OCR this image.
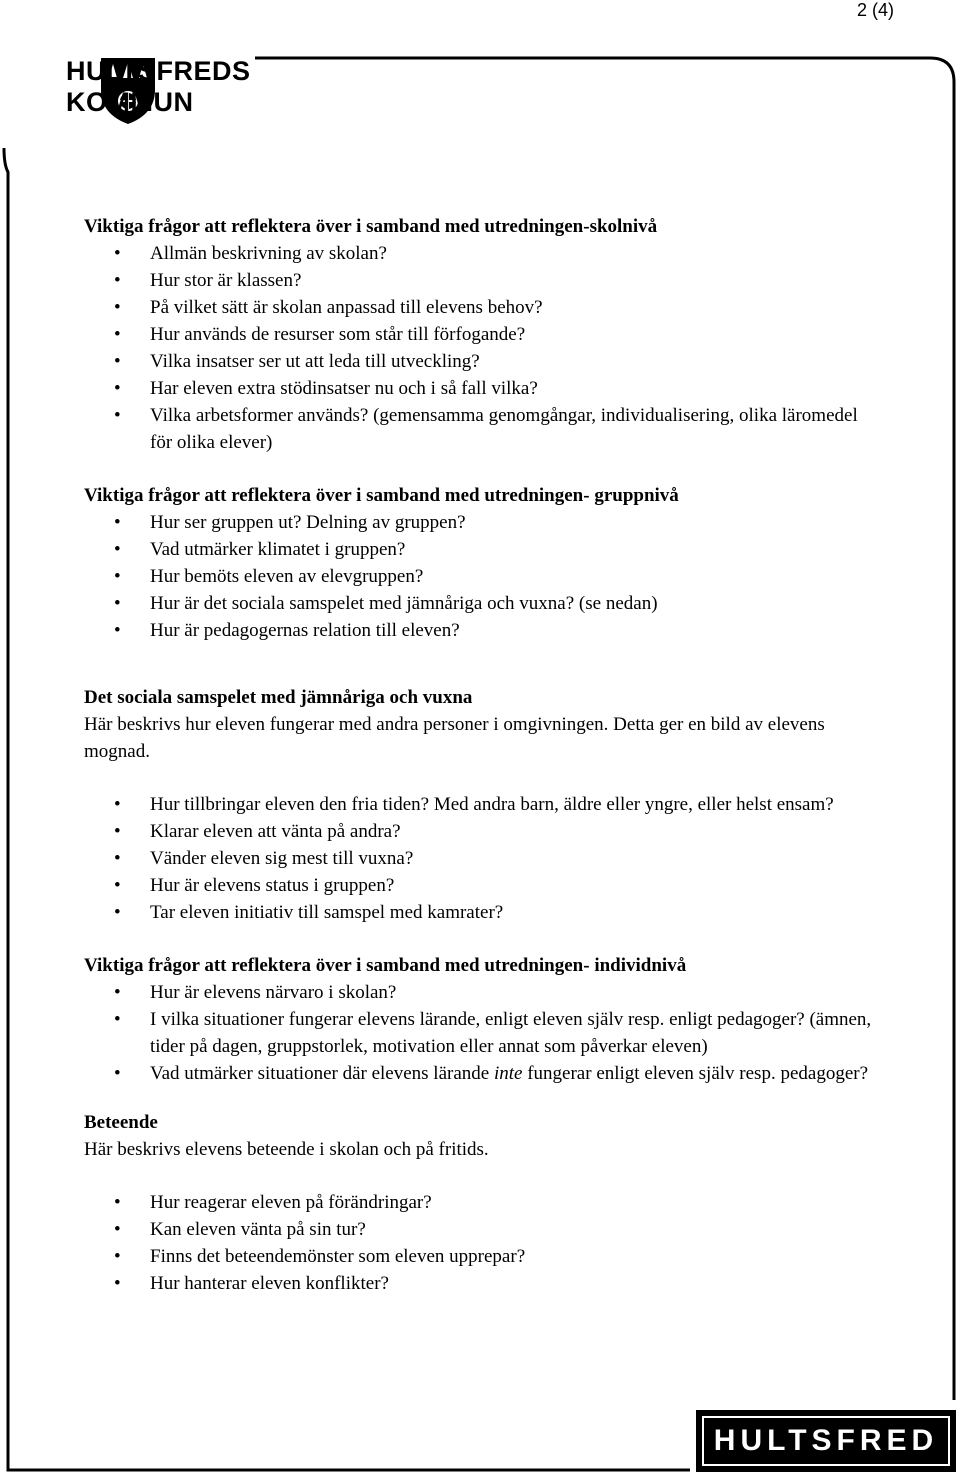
2 (4)
HULTSFREDS
KOMMUN

Viktiga frågor att reflektera över i samband med utredningen-skolnivå

• Allmän beskrivning av skolan?
• Hur stor är klassen?
• På vilket sätt är skolan anpassad till elevens behov?
• Hur används de resurser som står till förfogande?
• Vilka insatser ser ut att leda till utveckling?
• Har eleven extra stödinsatser nu och i så fall vilka?
• Vilka arbetsformer används? (gemensamma genomgångar, individualisering, olika läromedel för olika elever)

Viktiga frågor att reflektera över i samband med utredningen- gruppnivå

• Hur ser gruppen ut? Delning av gruppen?
• Vad utmärker klimatet i gruppen?
• Hur bemöts eleven av elevgruppen?
• Hur är det sociala samspelet med jämnåriga och vuxna? (se nedan)
• Hur är pedagogernas relation till eleven?

Det sociala samspelet med jämnåriga och vuxna

Här beskrivs hur eleven fungerar med andra personer i omgivningen. Detta ger en bild av elevens mognad.

• Hur tillbringar eleven den fria tiden? Med andra barn, äldre eller yngre, eller helst ensam?
• Klarar eleven att vänta på andra?
• Vänder eleven sig mest till vuxna?
• Hur är elevens status i gruppen?
• Tar eleven initiativ till samspel med kamrater?

Viktiga frågor att reflektera över i samband med utredningen- individnivå

• Hur är elevens närvaro i skolan?
• I vilka situationer fungerar elevens lärande, enligt eleven själv resp. enligt pedagoger? (ämnen, tider på dagen, gruppstorlek, motivation eller annat som påverkar eleven)
• Vad utmärker situationer där elevens lärande inte fungerar enligt eleven själv resp. pedagoger?

Beteende

Här beskrivs elevens beteende i skolan och på fritids.

• Hur reagerar eleven på förändringar?
• Kan eleven vänta på sin tur?
• Finns det beteendemönster som eleven upprepar?
• Hur hanterar eleven konflikter?
HULTSFRED
